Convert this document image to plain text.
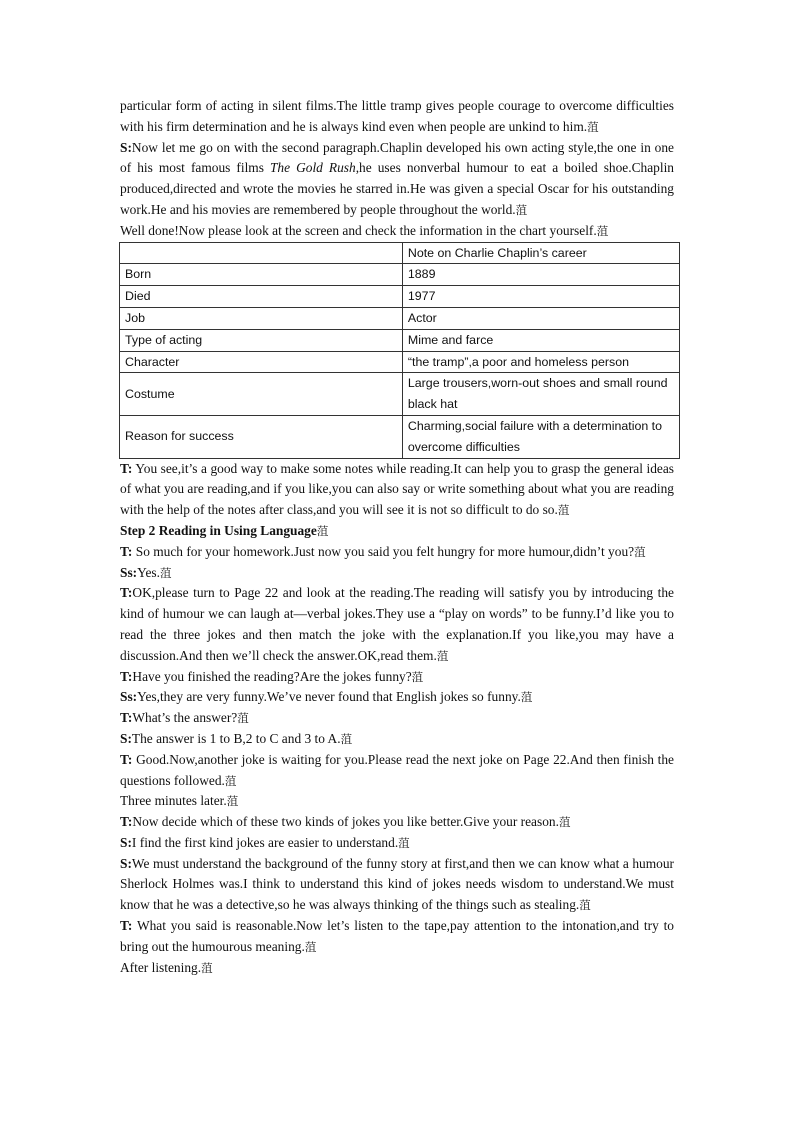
particular form of acting in silent films.The little tramp gives people courage to overcome difficulties with his firm determination and he is always kind even when people are unkind to him.菹

S:Now let me go on with the second paragraph.Chaplin developed his own acting style,the one in one of his most famous films The Gold Rush,he uses nonverbal humour to eat a boiled shoe.Chaplin produced,directed and wrote the movies he starred in.He was given a special Oscar for his outstanding work.He and his movies are remembered by people throughout the world.菹

Well done!Now please look at the screen and check the information in the chart yourself.菹

	Note on Charlie Chaplin’s career
Born	1889
Died	1977
Job	Actor
Type of acting	Mime and farce
Character	“the tramp”,a poor and homeless person
Costume	Large trousers,worn-out shoes and small round black hat
Reason for success	Charming,social failure with a determination to overcome difficulties

T: You see,it’s a good way to make some notes while reading.It can help you to grasp the general ideas of what you are reading,and if you like,you can also say or write something about what you are reading with the help of the notes after class,and you will see it is not so difficult to do so.菹

Step 2 Reading in Using Language菹

T: So much for your homework.Just now you said you felt hungry for more humour,didn’t you?菹

Ss:Yes.菹

T:OK,please turn to Page 22 and look at the reading.The reading will satisfy you by introducing the kind of humour we can laugh at—verbal jokes.They use a “play on words” to be funny.I’d like you to read the three jokes and then match the joke with the explanation.If you like,you may have a discussion.And then we’ll check the answer.OK,read them.菹

T:Have you finished the reading?Are the jokes funny?菹

Ss:Yes,they are very funny.We’ve never found that English jokes so funny.菹

T:What’s the answer?菹

S:The answer is 1 to B,2 to C and 3 to A.菹

T: Good.Now,another joke is waiting for you.Please read the next joke on Page 22.And then finish the questions followed.菹

Three minutes later.菹

T:Now decide which of these two kinds of jokes you like better.Give your reason.菹

S:I find the first kind jokes are easier to understand.菹

S:We must understand the background of the funny story at first,and then we can know what a humour Sherlock Holmes was.I think to understand this kind of jokes needs wisdom to understand.We must know that he was a detective,so he was always thinking of the things such as stealing.菹

T: What you said is reasonable.Now let’s listen to the tape,pay attention to the intonation,and try to bring out the humourous meaning.菹

After listening.菹
